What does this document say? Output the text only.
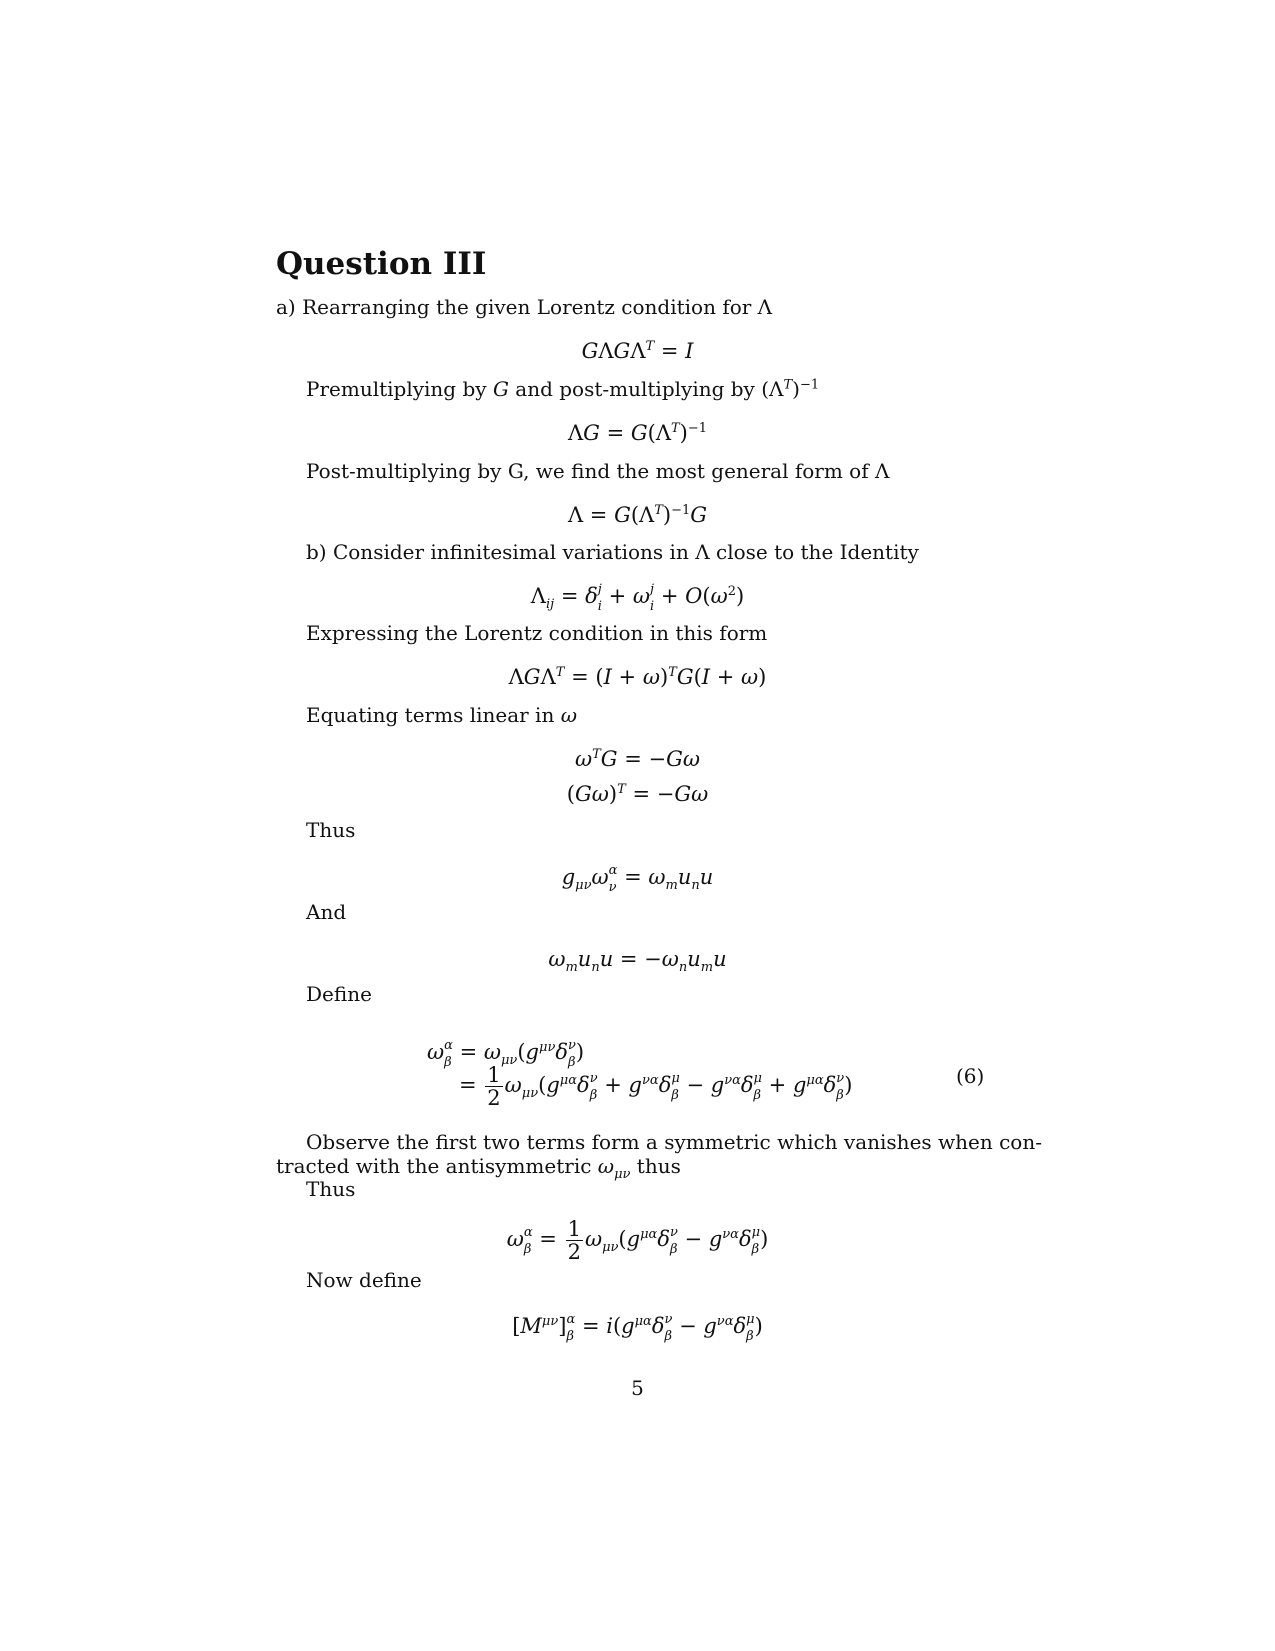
Question III
a) Rearranging the given Lorentz condition for Λ
$G\Lambda G\Lambda^T = I$
Premultiplying by G and post-multiplying by $(\Lambda^T)^{-1}$
$\Lambda G = G(\Lambda^T)^{-1}$
Post-multiplying by G, we find the most general form of Λ
$\Lambda = G(\Lambda^T)^{-1}G$
b) Consider infinitesimal variations in Λ close to the Identity
$\Lambda_{ij} = \delta$ j
i + ω j
$i + O(\omega^2)$
Expressing the Lorentz condition in this form
$\Lambda G\Lambda^T = (I + \omega)^TG(I + \omega)$
Equating terms linear in ω
$\omega^TG = -G\omega$
$(G\omega)^T = -G\omega$
Thus
$g_{\mu\nu}\omega$ α
$\nu = \omega_mu_nu$
And
$\omega_mu_nu = -\omega_nu_mu$
Define
ω α
$\beta = \omega_{\mu\nu}(g^{\mu\nu}\delta$ ν
β )
= $\frac{1}{2} \omega_{\mu\nu}(g^{\mu\alpha}\delta$ ν
$\beta + g^{\nu\alpha}\delta$ μ
$\beta - g^{\nu\alpha}\delta$ μ
$\beta + g^{\mu\alpha}\delta$ ν
β )	(6)
Observe the first two terms form a symmetric which vanishes when con-
tracted with the antisymmetric $\omega_{\mu\nu}$ thus
Thus
ω α
$\beta = \frac{1}{2} \omega_{\mu\nu}(g^{\mu\alpha}\delta$ ν
$\beta - g^{\nu\alpha}\delta$ μ
β )
Now define
$[M^{\mu\nu}]$ α
$\beta = i(g^{\mu\alpha}\delta$ ν
$\beta - g^{\nu\alpha}\delta$ μ
β )
5
